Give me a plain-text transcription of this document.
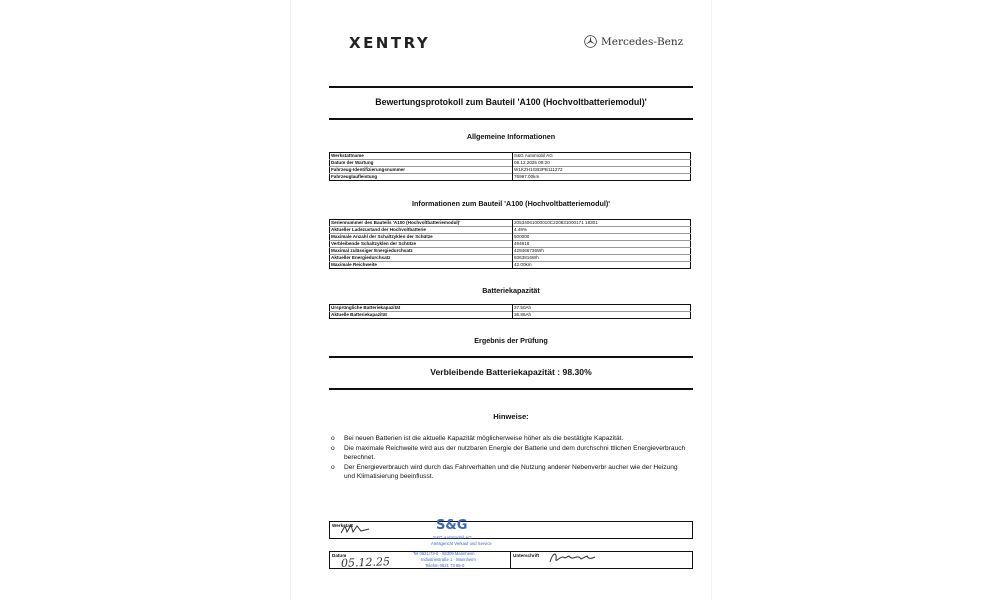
XENTRY	Mercedes-Benz
Bewertungsprotokoll zum Bauteil 'A100 (Hochvoltbatteriemodul)'
Allgemeine Informationen
Werkstattname	S&G Automobil AG
Datum der Wartung	08.12.2025 08:20
Fahrzeug-Identifizierungsnummer	W1KZH1GB3PB111272
Fahrzeuglaufleistung	76997.00km
Informationen zum Bauteil 'A100 (Hochvoltbatteriemodul)'
Seriennummer des Bauteils 'A100 (Hochvoltbatteriemodul)'	20534061000010C220831000171 18301
Aktueller Ladezustand der Hochvoltbatterie	4.49%
Maximale Anzahl der Schaltzyklen der Schütze	500000
Verbleibende Schaltzyklen der Schütze	494818
Maximal zulässiger Energiedurchsatz	429466736Wh
Aktueller Energiedurchsatz	9363816Wh
Maximale Reichweite	42.00km
Batteriekapazität
Ursprüngliche Batteriekapazität	37.50Ah
Aktuelle Batteriekapazität	36.86Ah
Ergebnis der Prüfung
Verbleibende Batteriekapazität : 98.30%
Hinweise:
o Bei neuen Batterien ist die aktuelle Kapazität möglicherweise höher als die bestätigte Kapazität.
o Die maximale Reichweite wird aus der nutzbaren Energie der Batterie und dem durchschni ttlichen Energieverbrauch berechnet.
o Der Energieverbrauch wird durch das Fahrverhalten und die Nutzung anderer Nebenverbr aucher wie der Heizung und Klimatisierung beeinflusst.
Werkstatt
Datum	Unterschrift
05.12.25
S&G
S&G Automobil AG
Amtsgericht Verkauf und Service
Tel 0621/73-0 · 68309 Mannheim
Industriestraße 1 · Mannheim
Telefon 0621 73 65-0
